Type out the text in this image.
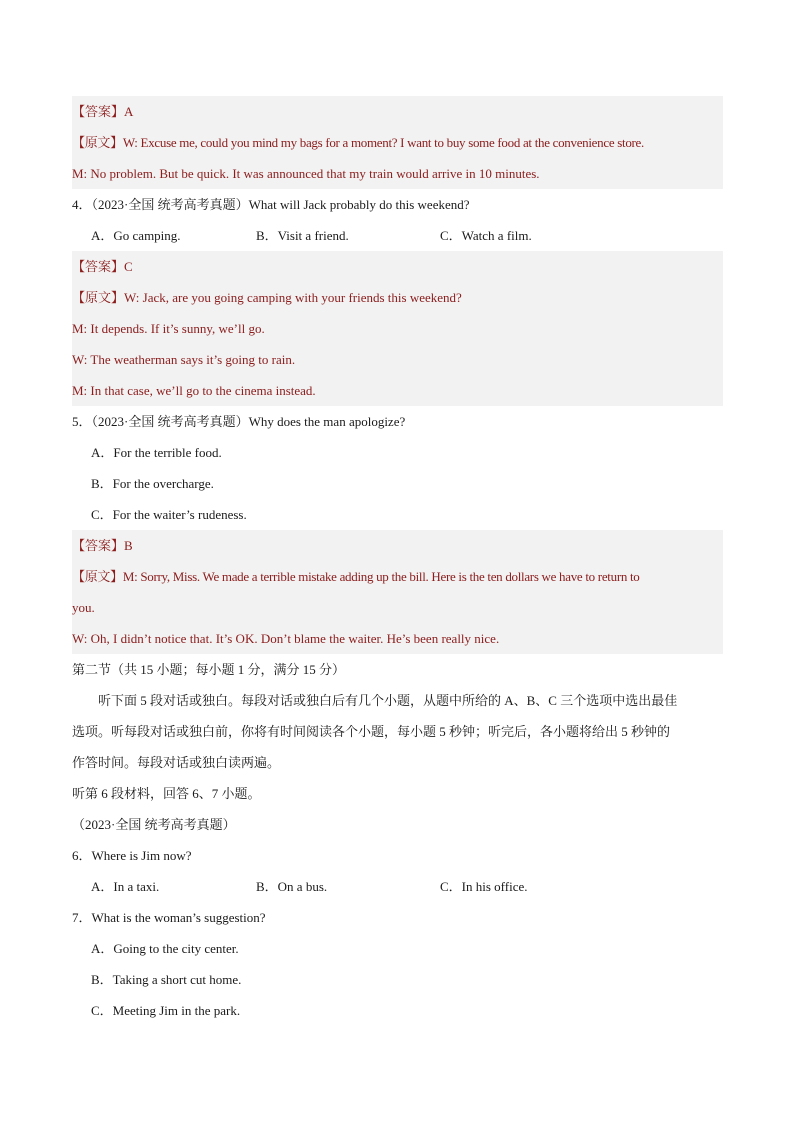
【答案】A
【原文】W: Excuse me, could you mind my bags for a moment? I want to buy some food at the convenience store.
M: No problem. But be quick. It was announced that my train would arrive in 10 minutes.
4．（2023·全国 统考高考真题）What will Jack probably do this weekend?
A．Go camping.	B．Visit a friend.	C．Watch a film.
【答案】C
【原文】W: Jack, are you going camping with your friends this weekend?
M: It depends. If it’s sunny, we’ll go.
W: The weatherman says it’s going to rain.
M: In that case, we’ll go to the cinema instead.
5．（2023·全国 统考高考真题）Why does the man apologize?
A．For the terrible food.
B．For the overcharge.
C．For the waiter’s rudeness.
【答案】B
【原文】M: Sorry, Miss. We made a terrible mistake adding up the bill. Here is the ten dollars we have to return to
you.
W: Oh, I didn’t notice that. It’s OK. Don’t blame the waiter. He’s been really nice.
第二节（共 15 小题；每小题 1 分，满分 15 分）
听下面 5 段对话或独白。每段对话或独白后有几个小题，从题中所给的 A、B、C 三个选项中选出最佳
选项。听每段对话或独白前，你将有时间阅读各个小题，每小题 5 秒钟；听完后，各小题将给出 5 秒钟的
作答时间。每段对话或独白读两遍。
听第 6 段材料，回答 6、7 小题。
（2023·全国 统考高考真题）
6．Where is Jim now?
A．In a taxi.	B．On a bus.	C．In his office.
7．What is the woman’s suggestion?
A．Going to the city center.
B．Taking a short cut home.
C．Meeting Jim in the park.
